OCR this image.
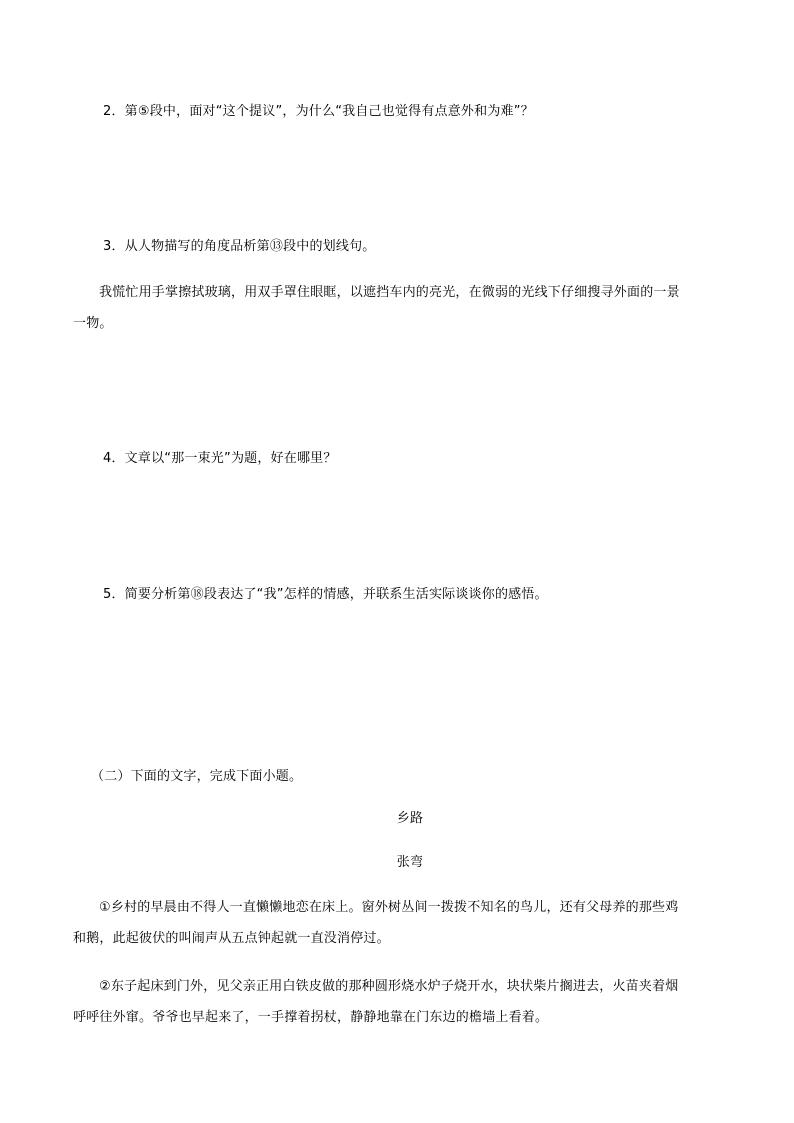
2．第⑤段中，面对“这个提议”，为什么“我自己也觉得有点意外和为难”？
3．从人物描写的角度品析第⑬段中的划线句。
我慌忙用手掌擦拭玻璃，用双手罩住眼眶，以遮挡车内的亮光，在微弱的光线下仔细搜寻外面的一景
一物。
4．文章以“那一束光”为题，好在哪里？
5．简要分析第⑱段表达了“我”怎样的情感，并联系生活实际谈谈你的感悟。
（二）下面的文字，完成下面小题。
乡路
张弯
①乡村的早晨由不得人一直懒懒地恋在床上。窗外树丛间一拨拨不知名的鸟儿，还有父母养的那些鸡
和鹅，此起彼伏的叫闹声从五点钟起就一直没消停过。
②东子起床到门外，见父亲正用白铁皮做的那种圆形烧水炉子烧开水，块状柴片搁进去，火苗夹着烟
呼呼往外窜。爷爷也早起来了，一手撑着拐杖，静静地靠在门东边的檐墙上看着。
